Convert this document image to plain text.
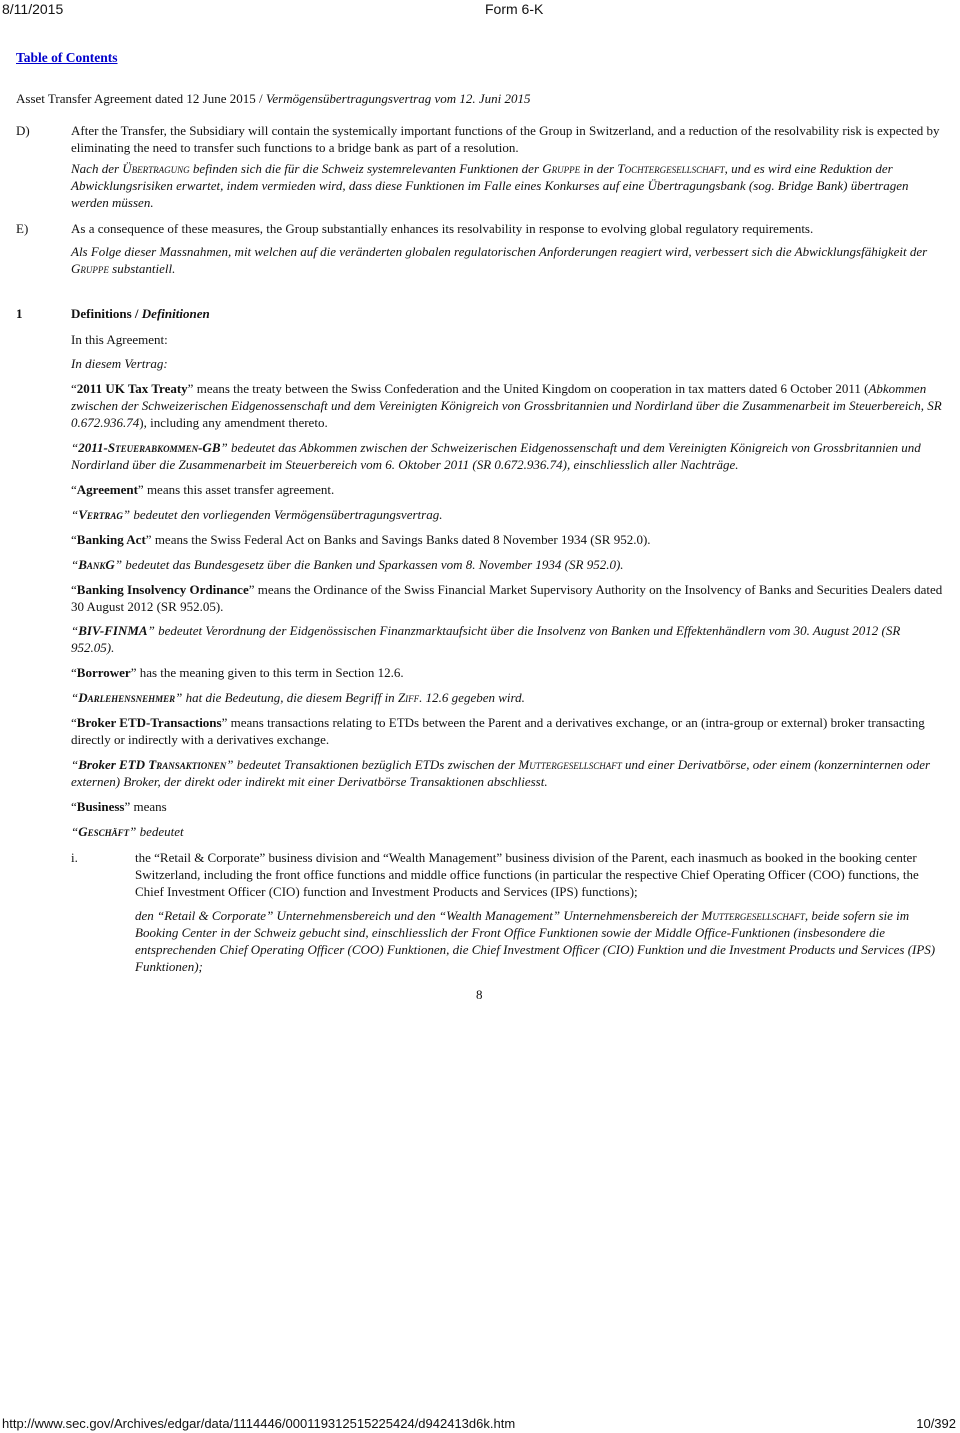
8/11/2015	Form 6-K
Table of Contents
Asset Transfer Agreement dated 12 June 2015 / Vermögensübertragungsvertrag vom 12. Juni 2015
D)	After the Transfer, the Subsidiary will contain the systemically important functions of the Group in Switzerland, and a reduction of the resolvability risk is expected by eliminating the need to transfer such functions to a bridge bank as part of a resolution.
Nach der Übertragung befinden sich die für die Schweiz systemrelevanten Funktionen der Gruppe in der Tochtergesellschaft, und es wird eine Reduktion der Abwicklungsrisiken erwartet, indem vermieden wird, dass diese Funktionen im Falle eines Konkurses auf eine Übertragungsbank (sog. Bridge Bank) übertragen werden müssen.
E)	As a consequence of these measures, the Group substantially enhances its resolvability in response to evolving global regulatory requirements.
Als Folge dieser Massnahmen, mit welchen auf die veränderten globalen regulatorischen Anforderungen reagiert wird, verbessert sich die Abwicklungsfähigkeit der Gruppe substantiell.
1	Definitions / Definitionen
In this Agreement:
In diesem Vertrag:
“2011 UK Tax Treaty” means the treaty between the Swiss Confederation and the United Kingdom on cooperation in tax matters dated 6 October 2011 (Abkommen zwischen der Schweizerischen Eidgenossenschaft und dem Vereinigten Königreich von Grossbritannien und Nordirland über die Zusammenarbeit im Steuerbereich, SR 0.672.936.74), including any amendment thereto.
“2011-Steuerabkommen-GB” bedeutet das Abkommen zwischen der Schweizerischen Eidgenossenschaft und dem Vereinigten Königreich von Grossbritannien und Nordirland über die Zusammenarbeit im Steuerbereich vom 6. Oktober 2011 (SR 0.672.936.74), einschliesslich aller Nachträge.
“Agreement” means this asset transfer agreement.
“Vertrag” bedeutet den vorliegenden Vermögensübertragungsvertrag.
“Banking Act” means the Swiss Federal Act on Banks and Savings Banks dated 8 November 1934 (SR 952.0).
“BankG” bedeutet das Bundesgesetz über die Banken und Sparkassen vom 8. November 1934 (SR 952.0).
“Banking Insolvency Ordinance” means the Ordinance of the Swiss Financial Market Supervisory Authority on the Insolvency of Banks and Securities Dealers dated 30 August 2012 (SR 952.05).
“BIV-FINMA” bedeutet Verordnung der Eidgenössischen Finanzmarktaufsicht über die Insolvenz von Banken und Effektenhändlern vom 30. August 2012 (SR 952.05).
“Borrower” has the meaning given to this term in Section 12.6.
“Darlehensnehmer” hat die Bedeutung, die diesem Begriff in Ziff. 12.6 gegeben wird.
“Broker ETD-Transactions” means transactions relating to ETDs between the Parent and a derivatives exchange, or an (intra-group or external) broker transacting directly or indirectly with a derivatives exchange.
“Broker ETD Transaktionen” bedeutet Transaktionen bezüglich ETDs zwischen der Muttergesellschaft und einer Derivatbörse, oder einem (konzerninternen oder externen) Broker, der direkt oder indirekt mit einer Derivatbörse Transaktionen abschliesst.
“Business” means
“Geschäft” bedeutet
i.	the “Retail & Corporate” business division and “Wealth Management” business division of the Parent, each inasmuch as booked in the booking center Switzerland, including the front office functions and middle office functions (in particular the respective Chief Operating Officer (COO) functions, the Chief Investment Officer (CIO) function and Investment Products and Services (IPS) functions);
den “Retail & Corporate” Unternehmensbereich und den “Wealth Management” Unternehmensbereich der Muttergesellschaft, beide sofern sie im Booking Center in der Schweiz gebucht sind, einschliesslich der Front Office Funktionen sowie der Middle Office-Funktionen (insbesondere die entsprechenden Chief Operating Officer (COO) Funktionen, die Chief Investment Officer (CIO) Funktion und die Investment Products und Services (IPS) Funktionen);
8
http://www.sec.gov/Archives/edgar/data/1114446/000119312515225424/d942413d6k.htm	10/392
